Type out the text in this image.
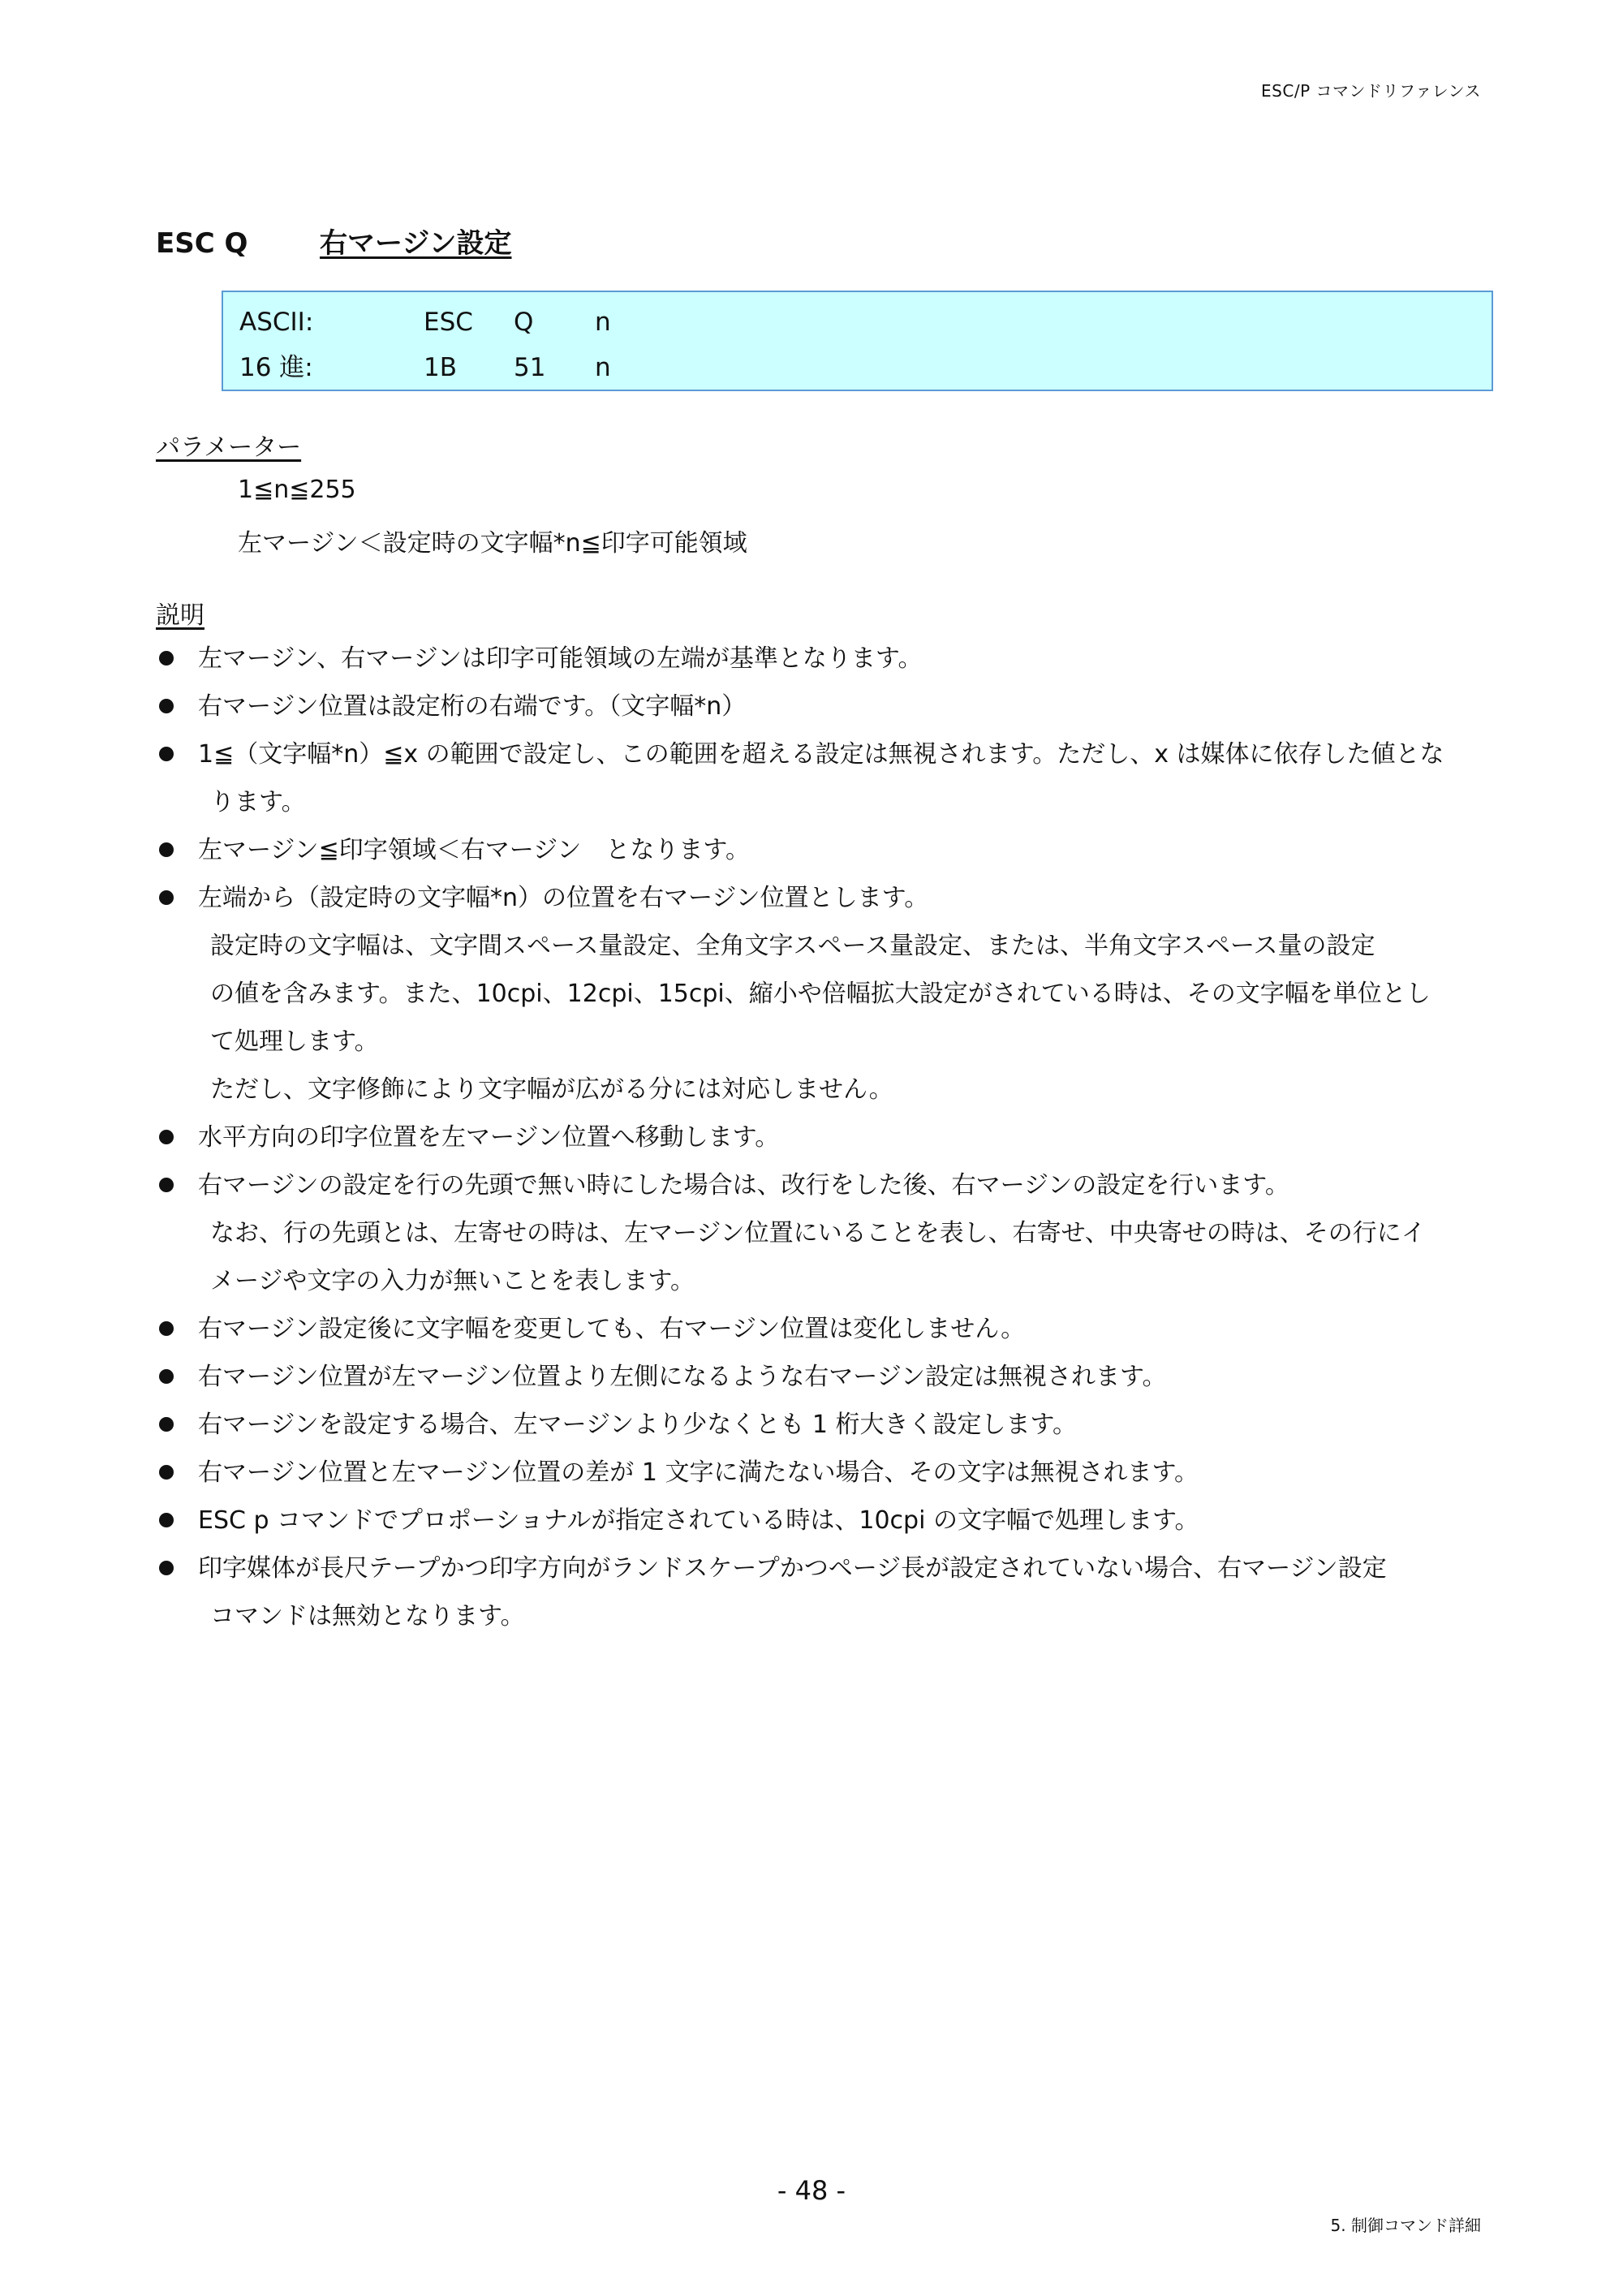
ESC/P コマンドリファレンス
ESC Q	右マージン設定
ASCII:	ESC Q n
16 進:	1B 51 n
パラメーター
1≦n≦255
左マージン＜設定時の文字幅*n≦印字可能領域
説明
左マージン、右マージンは印字可能領域の左端が基準となります。
右マージン位置は設定桁の右端です。（文字幅*n）
1≦（文字幅*n）≦x の範囲で設定し、この範囲を超える設定は無視されます。ただし、x は媒体に依存した値とな
ります。
左マージン≦印字領域＜右マージン　となります。
左端から（設定時の文字幅*n）の位置を右マージン位置とします。
設定時の文字幅は、文字間スペース量設定、全角文字スペース量設定、または、半角文字スペース量の設定
の値を含みます。また、10cpi、12cpi、15cpi、縮小や倍幅拡大設定がされている時は、その文字幅を単位とし
て処理します。
ただし、文字修飾により文字幅が広がる分には対応しません。
水平方向の印字位置を左マージン位置へ移動します。
右マージンの設定を行の先頭で無い時にした場合は、改行をした後、右マージンの設定を行います。
なお、行の先頭とは、左寄せの時は、左マージン位置にいることを表し、右寄せ、中央寄せの時は、その行にイ
メージや文字の入力が無いことを表します。
右マージン設定後に文字幅を変更しても、右マージン位置は変化しません。
右マージン位置が左マージン位置より左側になるような右マージン設定は無視されます。
右マージンを設定する場合、左マージンより少なくとも 1 桁大きく設定します。
右マージン位置と左マージン位置の差が 1 文字に満たない場合、その文字は無視されます。
ESC p コマンドでプロポーショナルが指定されている時は、10cpi の文字幅で処理します。
印字媒体が長尺テープかつ印字方向がランドスケープかつページ長が設定されていない場合、右マージン設定
コマンドは無効となります。
- 48 -
5. 制御コマンド詳細
